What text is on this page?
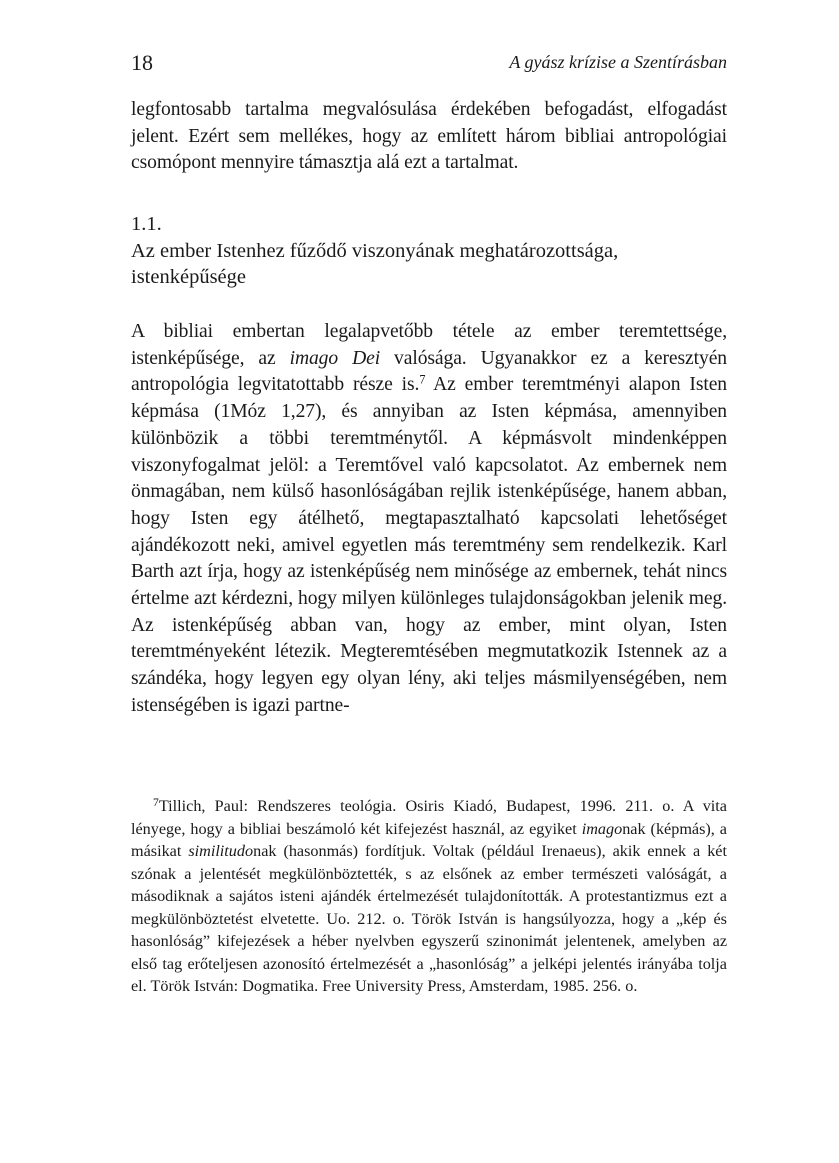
18	A gyász krízise a Szentírásban

legfontosabb tartalma megvalósulása érdekében befogadást, elfogadást jelent. Ezért sem mellékes, hogy az említett három bibliai antropológiai csomópont mennyire támasztja alá ezt a tartalmat.

1.1.
Az ember Istenhez fűződő viszonyának meghatározottsága,
istenképűsége

A bibliai embertan legalapvetőbb tétele az ember teremtettsége, istenképűsége, az imago Dei valósága. Ugyanakkor ez a keresztyén antropológia legvitatottabb része is.$^7$ Az ember teremtményi alapon Isten képmása (1Móz 1,27), és annyiban az Isten képmása, amennyiben különbözik a többi teremtménytől. A képmásvolt mindenképpen viszonyfogalmat jelöl: a Teremtővel való kapcsolatot. Az embernek nem önmagában, nem külső hasonlóságában rejlik istenképűsége, hanem abban, hogy Isten egy átélhető, megtapasztalható kapcsolati lehetőséget ajándékozott neki, amivel egyetlen más teremtmény sem rendelkezik. Karl Barth azt írja, hogy az istenképűség nem minősége az embernek, tehát nincs értelme azt kérdezni, hogy milyen különleges tulajdonságokban jelenik meg. Az istenképűség abban van, hogy az ember, mint olyan, Isten teremtményeként létezik. Megteremtésében megmutatkozik Istennek az a szándéka, hogy legyen egy olyan lény, aki teljes másmilyenségében, nem istenségében is igazi partne-

$^7$Tillich, Paul: Rendszeres teológia. Osiris Kiadó, Budapest, 1996. 211. o. A vita lényege, hogy a bibliai beszámoló két kifejezést használ, az egyiket imagonak (képmás), a másikat similitudonak (hasonmás) fordítjuk. Voltak (például Irenaeus), akik ennek a két szónak a jelentését megkülönböztették, s az elsőnek az ember természeti valóságát, a másodiknak a sajátos isteni ajándék értelmezését tulajdonították. A protestantizmus ezt a megkülönböztetést elvetette. Uo. 212. o. Török István is hangsúlyozza, hogy a „kép és hasonlóság” kifejezések a héber nyelvben egyszerű szinonimát jelentenek, amelyben az első tag erőteljesen azonosító értelmezését a „hasonlóság” a jelképi jelentés irányába tolja el. Török István: Dogmatika. Free University Press, Amsterdam, 1985. 256. o.
